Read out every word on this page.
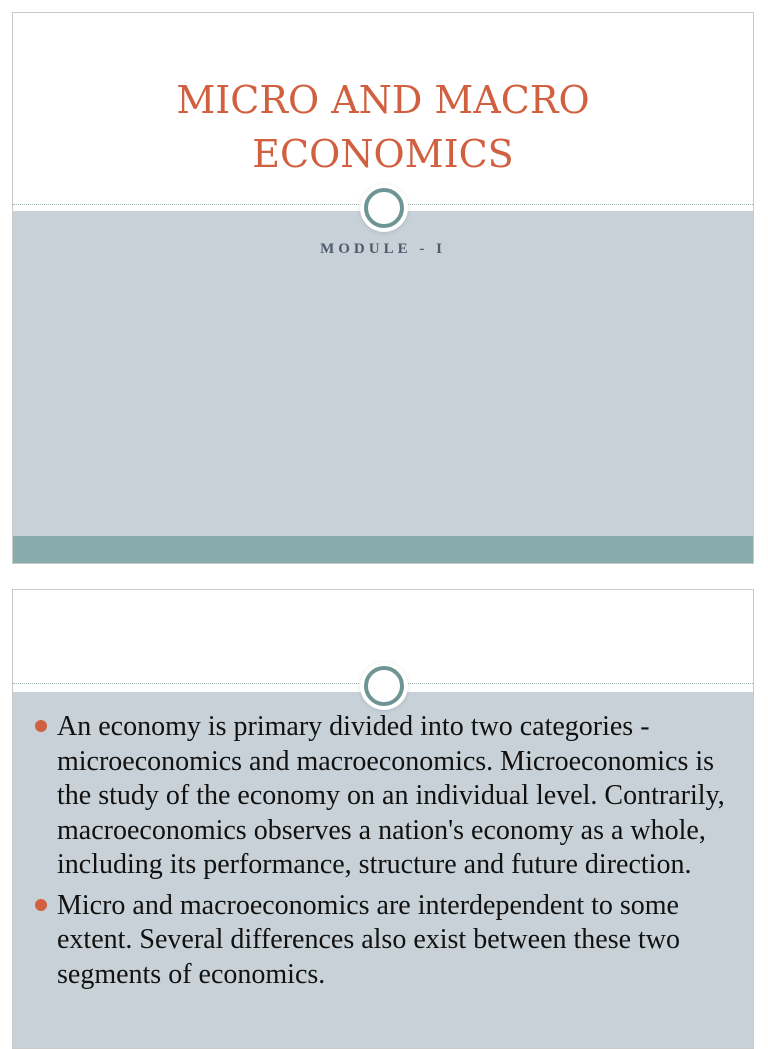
MICRO AND MACRO
ECONOMICS
MODULE - I
An economy is primary divided into two categories - microeconomics and macroeconomics. Microeconomics is the study of the economy on an individual level. Contrarily, macroeconomics observes a nation's economy as a whole, including its performance, structure and future direction.
Micro and macroeconomics are interdependent to some extent. Several differences also exist between these two segments of economics.
